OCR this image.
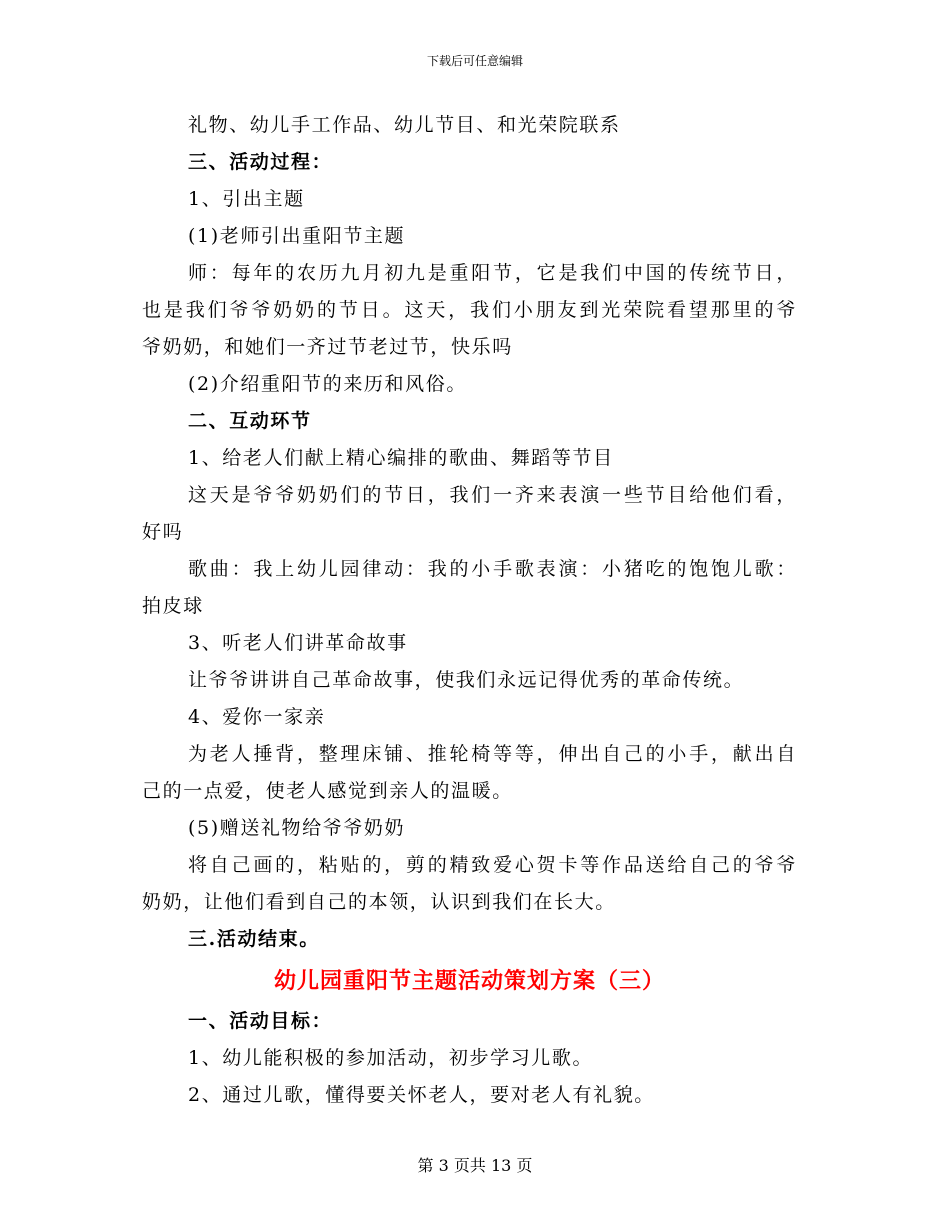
下载后可任意编辑
礼物、幼儿手工作品、幼儿节目、和光荣院联系
三、活动过程：
1、引出主题
(1)老师引出重阳节主题
师：每年的农历九月初九是重阳节，它是我们中国的传统节日，
也是我们爷爷奶奶的节日。这天，我们小朋友到光荣院看望那里的爷
爷奶奶，和她们一齐过节老过节，快乐吗
(2)介绍重阳节的来历和风俗。
二、互动环节
1、给老人们献上精心编排的歌曲、舞蹈等节目
这天是爷爷奶奶们的节日，我们一齐来表演一些节目给他们看，
好吗
歌曲：我上幼儿园律动：我的小手歌表演：小猪吃的饱饱儿歌：
拍皮球
3、听老人们讲革命故事
让爷爷讲讲自己革命故事，使我们永远记得优秀的革命传统。
4、爱你一家亲
为老人捶背，整理床铺、推轮椅等等，伸出自己的小手，献出自
己的一点爱，使老人感觉到亲人的温暖。
(5)赠送礼物给爷爷奶奶
将自己画的，粘贴的，剪的精致爱心贺卡等作品送给自己的爷爷
奶奶，让他们看到自己的本领，认识到我们在长大。
三.活动结束。
幼儿园重阳节主题活动策划方案（三）
一、活动目标：
1、幼儿能积极的参加活动，初步学习儿歌。
2、通过儿歌，懂得要关怀老人，要对老人有礼貌。
第 3 页共 13 页
